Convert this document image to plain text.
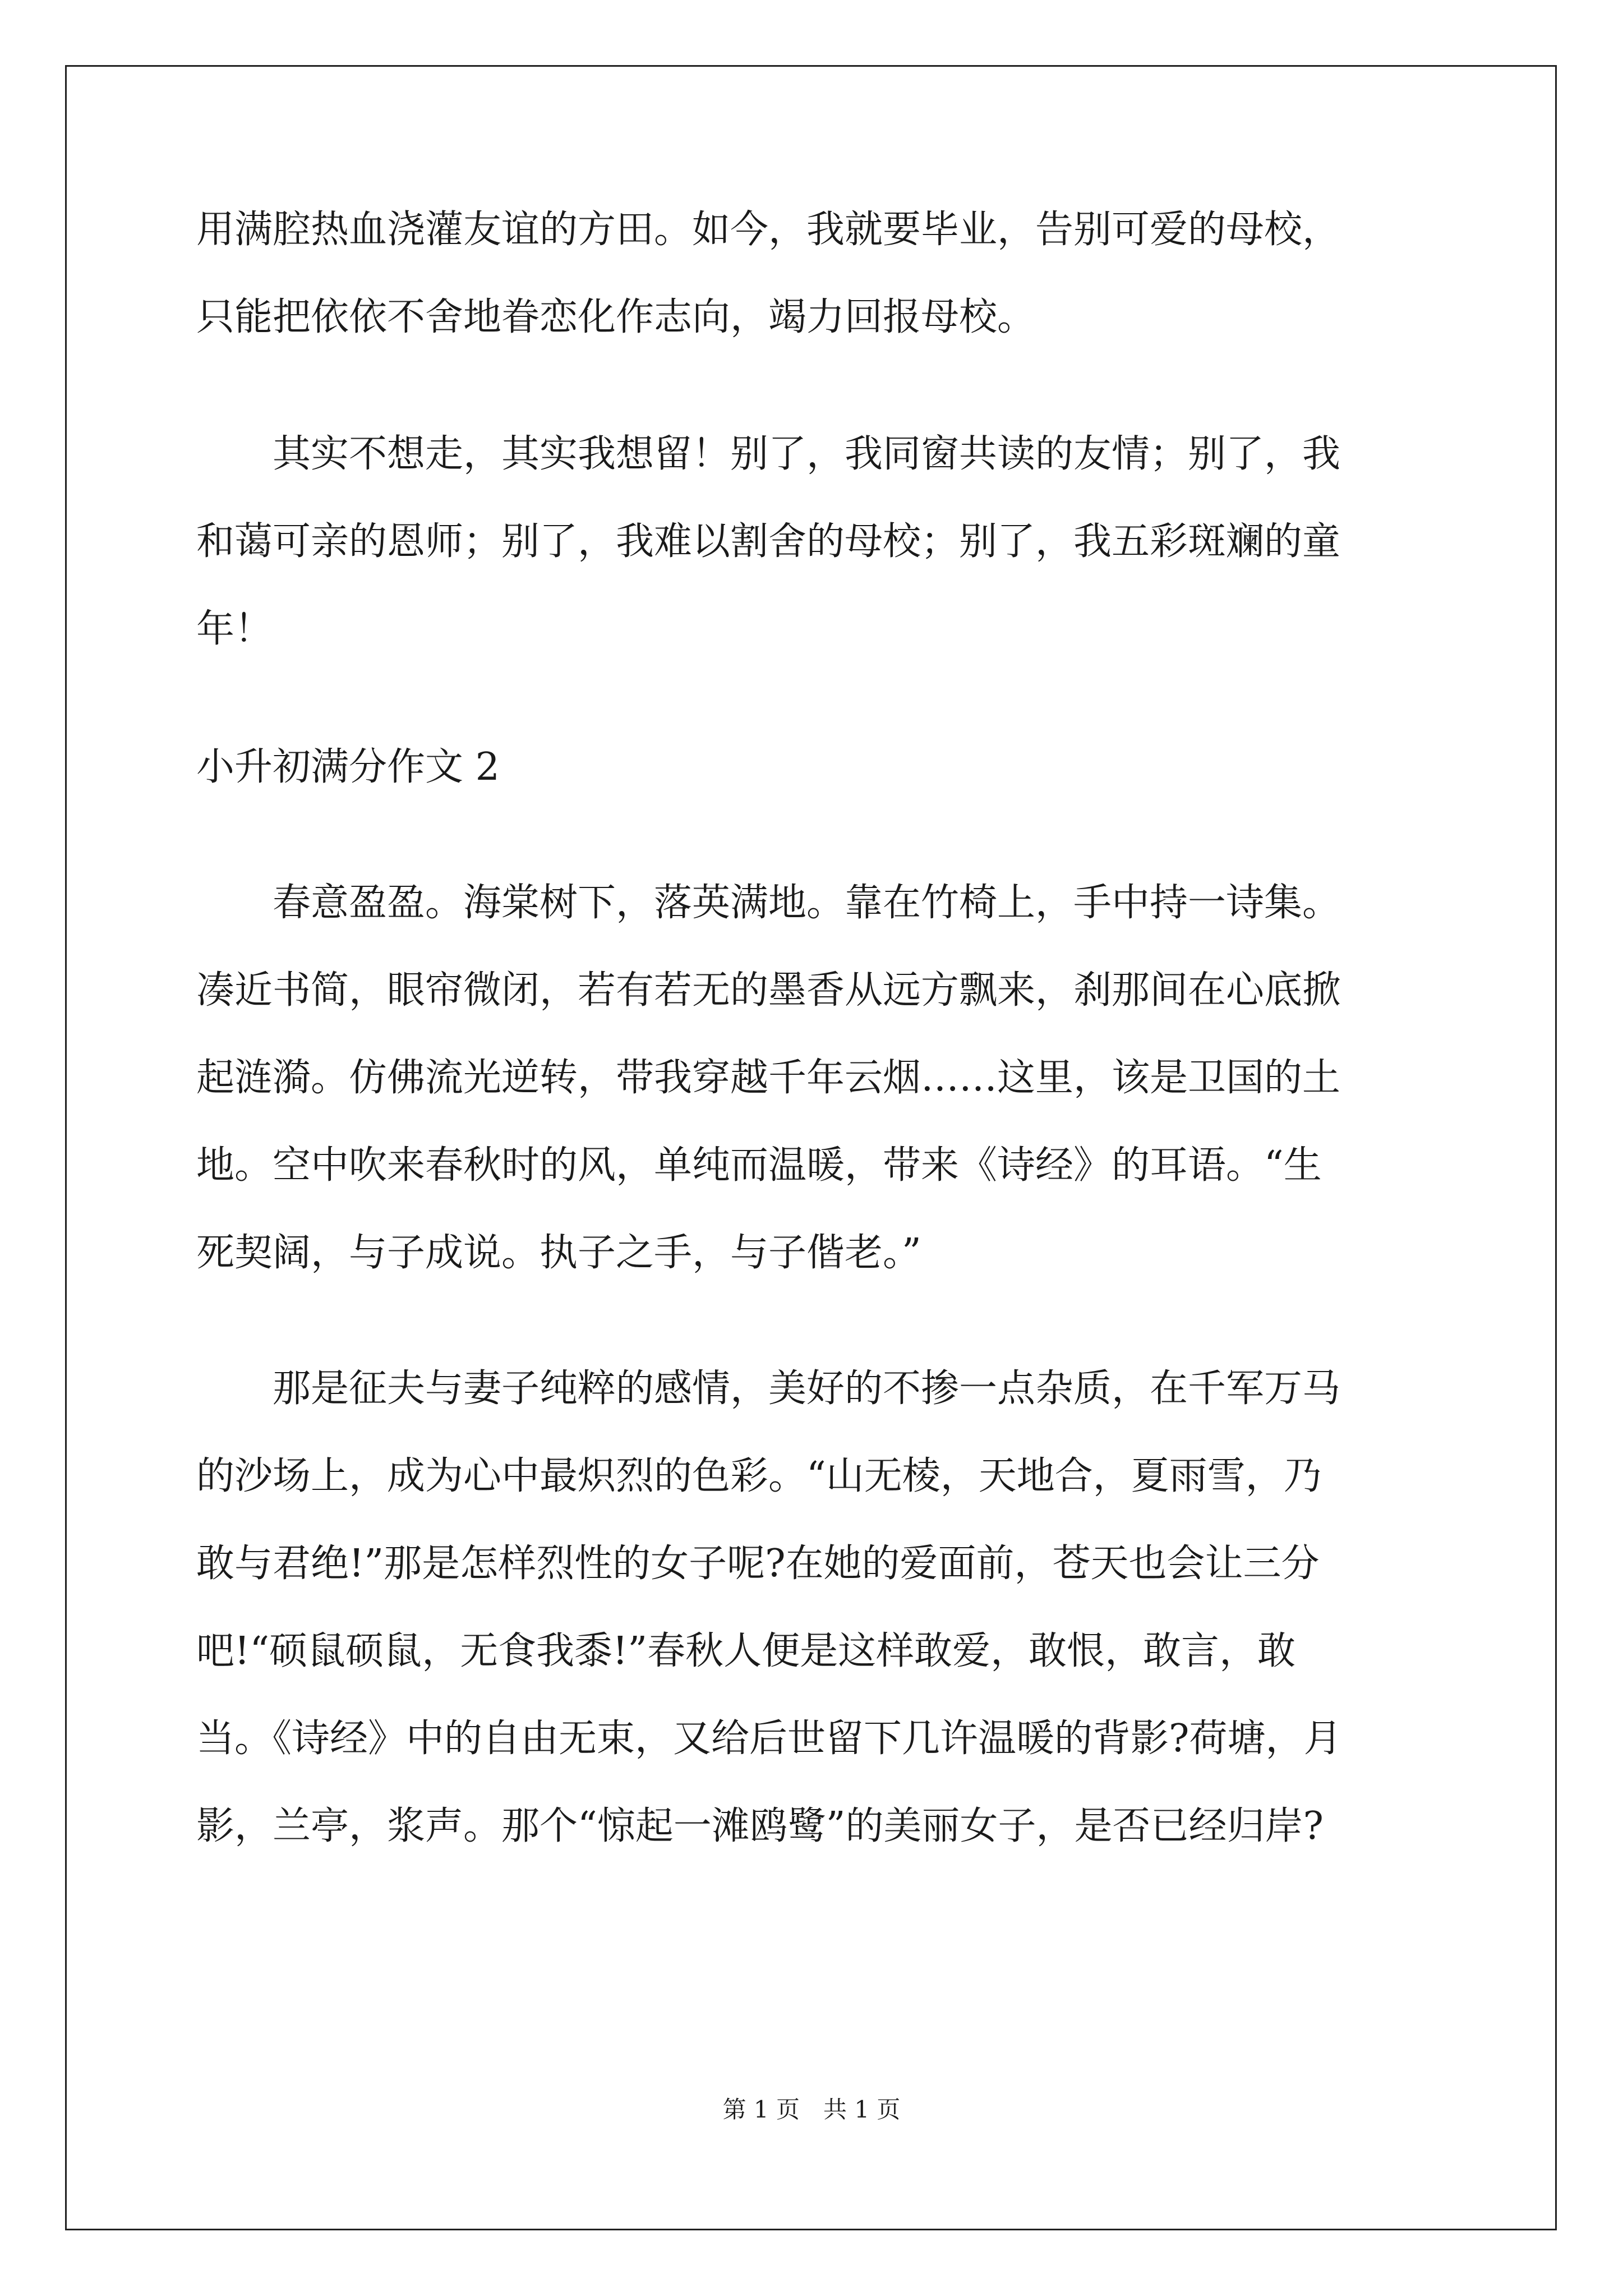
用满腔热血浇灌友谊的方田。如今，我就要毕业，告别可爱的母校，
只能把依依不舍地眷恋化作志向，竭力回报母校。
　　其实不想走，其实我想留！别了，我同窗共读的友情；别了，我
和蔼可亲的恩师；别了，我难以割舍的母校；别了，我五彩斑斓的童
年！
小升初满分作文 2
　　春意盈盈。海棠树下，落英满地。靠在竹椅上，手中持一诗集。
凑近书简，眼帘微闭，若有若无的墨香从远方飘来，刹那间在心底掀
起涟漪。仿佛流光逆转，带我穿越千年云烟……这里，该是卫国的土
地。空中吹来春秋时的风，单纯而温暖，带来《诗经》的耳语。“生
死契阔，与子成说。执子之手，与子偕老。”
　　那是征夫与妻子纯粹的感情，美好的不掺一点杂质，在千军万马
的沙场上，成为心中最炽烈的色彩。“山无棱，天地合，夏雨雪，乃
敢与君绝!”那是怎样烈性的女子呢?在她的爱面前，苍天也会让三分
吧!“硕鼠硕鼠，无食我黍!”春秋人便是这样敢爱，敢恨，敢言，敢
当。《诗经》中的自由无束，又给后世留下几许温暖的背影?荷塘，月
影，兰亭，浆声。那个“惊起一滩鸥鹭”的美丽女子，是否已经归岸?
第 1 页　共 1 页
